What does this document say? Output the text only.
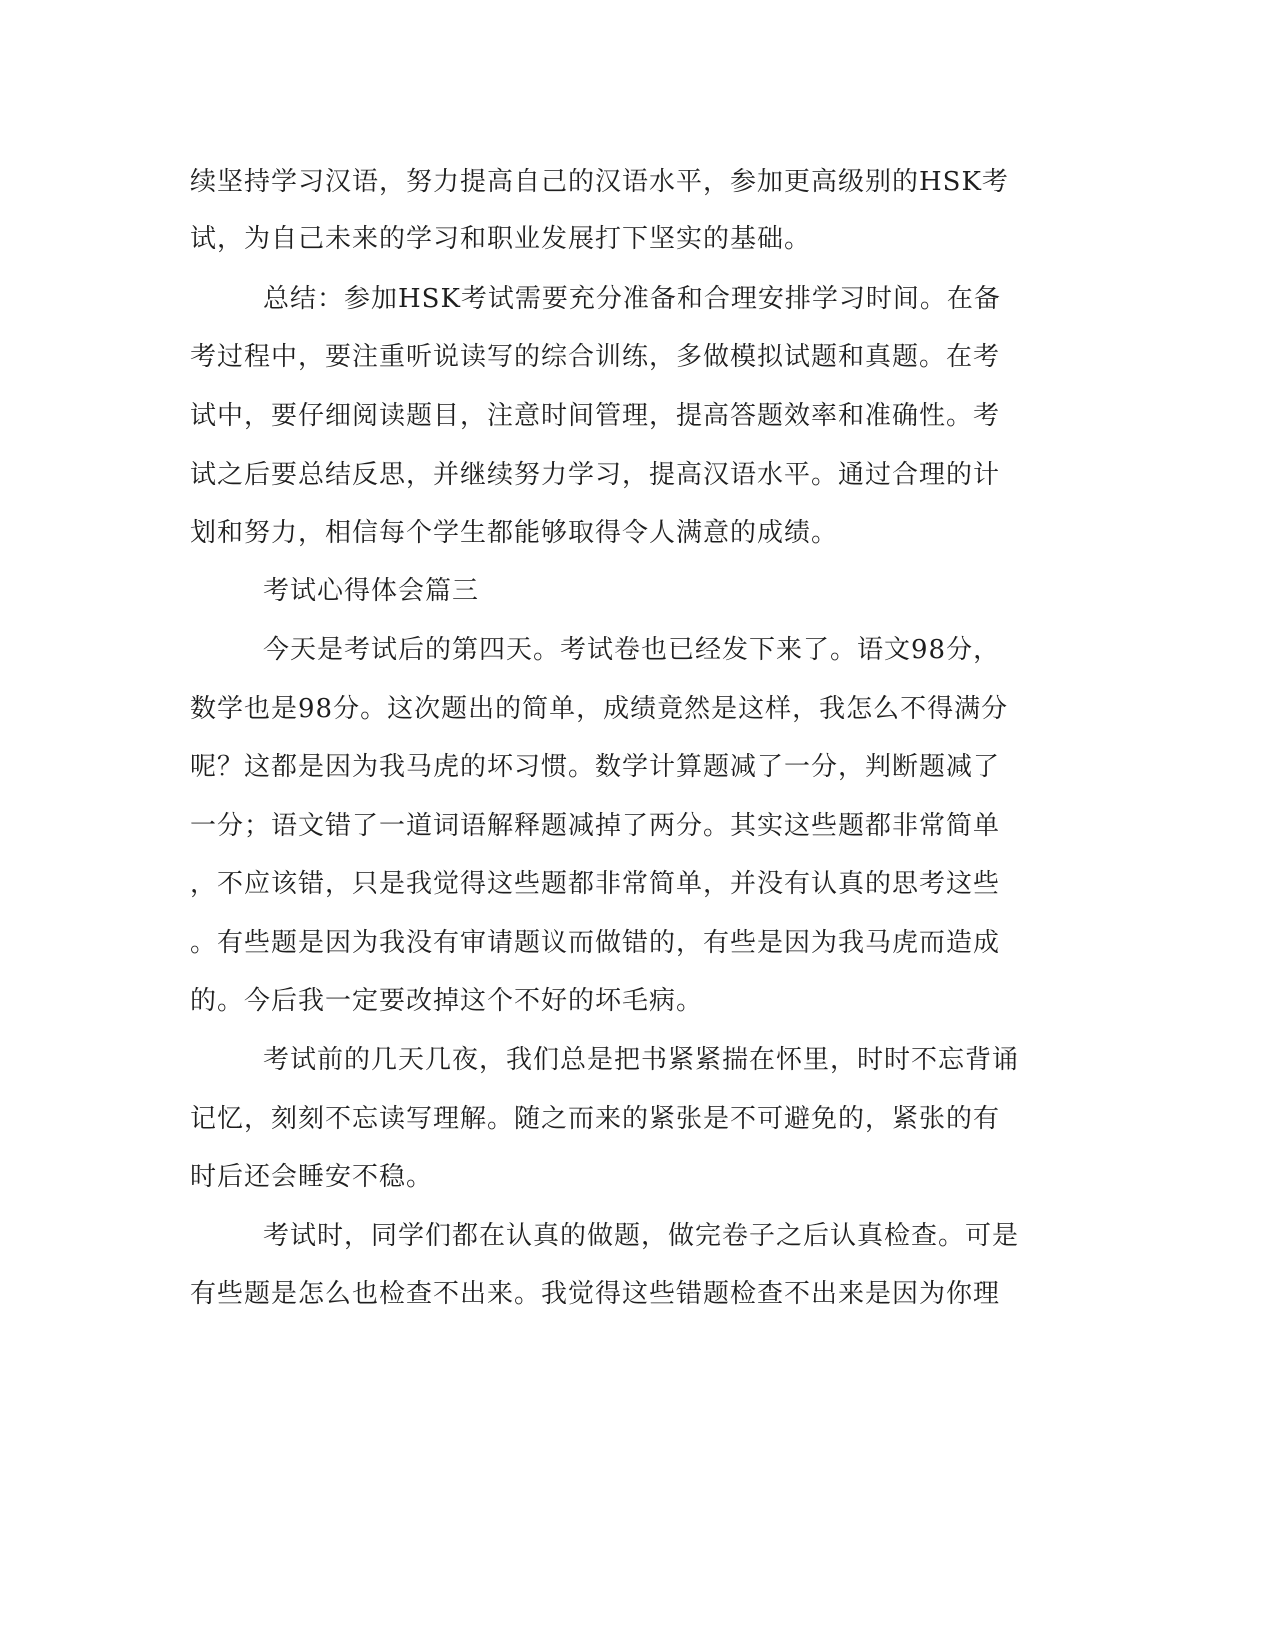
续坚持学习汉语，努力提高自己的汉语水平，参加更高级别的HSK考
试，为自己未来的学习和职业发展打下坚实的基础。
总结：参加HSK考试需要充分准备和合理安排学习时间。在备
考过程中，要注重听说读写的综合训练，多做模拟试题和真题。在考
试中，要仔细阅读题目，注意时间管理，提高答题效率和准确性。考
试之后要总结反思，并继续努力学习，提高汉语水平。通过合理的计
划和努力，相信每个学生都能够取得令人满意的成绩。
考试心得体会篇三
今天是考试后的第四天。考试卷也已经发下来了。语文98分，
数学也是98分。这次题出的简单，成绩竟然是这样，我怎么不得满分
呢？这都是因为我马虎的坏习惯。数学计算题减了一分，判断题减了
一分；语文错了一道词语解释题减掉了两分。其实这些题都非常简单
，不应该错，只是我觉得这些题都非常简单，并没有认真的思考这些
。有些题是因为我没有审请题议而做错的，有些是因为我马虎而造成
的。今后我一定要改掉这个不好的坏毛病。
考试前的几天几夜，我们总是把书紧紧揣在怀里，时时不忘背诵
记忆，刻刻不忘读写理解。随之而来的紧张是不可避免的，紧张的有
时后还会睡安不稳。
考试时，同学们都在认真的做题，做完卷子之后认真检查。可是
有些题是怎么也检查不出来。我觉得这些错题检查不出来是因为你理
